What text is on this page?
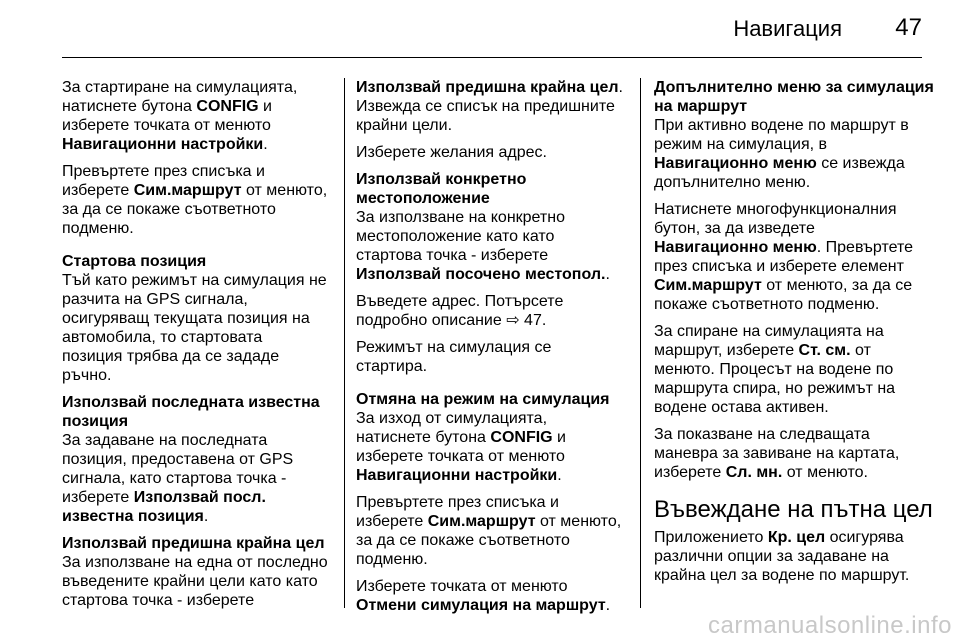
Навигация 47
За стартиране на симулацията,
натиснете бутона CONFIG и
изберете точката от менюто
Навигационни настройки.
Превъртете през списъка и
изберете Сим.маршрут от менюто,
за да се покаже съответното
подменю.
Стартова позиция
Тъй като режимът на симулация не
разчита на GPS сигнала,
осигуряващ текущата позиция на
автомобила, то стартовата
позиция трябва да се зададе
ръчно.
Използвай последната известна
позиция
За задаване на последната
позиция, предоставена от GPS
сигнала, като стартова точка -
изберете Използвай посл.
известна позиция.
Използвай предишна крайна цел
За използване на една от последно
въведените крайни цели като като
стартова точка - изберете
Използвай предишна крайна цел.
Извежда се списък на предишните
крайни цели.
Изберете желания адрес.
Използвай конкретно
местоположение
За използване на конкретно
местоположение като като
стартова точка - изберете
Използвай посочено местопол..
Въведете адрес. Потърсете
подробно описание ⇨ 47.
Режимът на симулация се
стартира.
Отмяна на режим на симулация
За изход от симулацията,
натиснете бутона CONFIG и
изберете точката от менюто
Навигационни настройки.
Превъртете през списъка и
изберете Сим.маршрут от менюто,
за да се покаже съответното
подменю.
Изберете точката от менюто
Отмени симулация на маршрут.
Допълнително меню за симулация
на маршрут
При активно водене по маршрут в
режим на симулация, в
Навигационно меню се извежда
допълнително меню.
Натиснете многофункционалния
бутон, за да изведете
Навигационно меню. Превъртете
през списъка и изберете елемент
Сим.маршрут от менюто, за да се
покаже съответното подменю.
За спиране на симулацията на
маршрут, изберете Ст. см. от
менюто. Процесът на водене по
маршрута спира, но режимът на
водене остава активен.
За показване на следващата
маневра за завиване на картата,
изберете Сл. мн. от менюто.
Въвеждане на пътна цел
Приложението Кр. цел осигурява
различни опции за задаване на
крайна цел за водене по маршрут.
carmanualsonline.info
